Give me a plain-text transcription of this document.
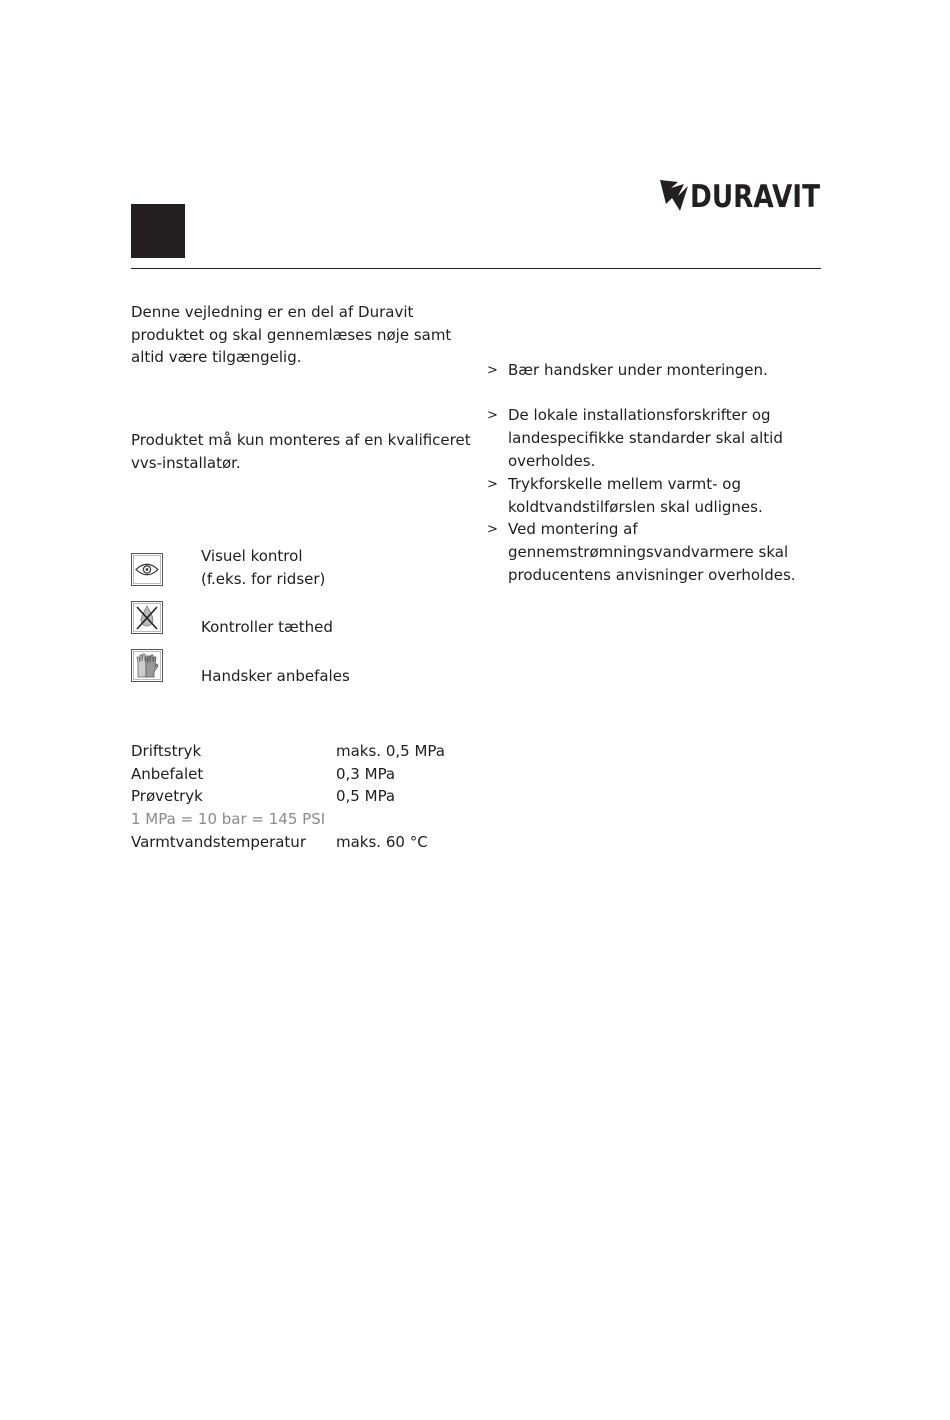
DURAVIT
Denne vejledning er en del af Duravit
produktet og skal gennemlæses nøje samt
altid være tilgængelig.
Produktet må kun monteres af en kvalificeret
vvs-installatør.
Visuel kontrol
(f.eks. for ridser)
Kontroller tæthed
Handsker anbefales
Driftstryk	maks. 0,5 MPa
Anbefalet	0,3 MPa
Prøvetryk	0,5 MPa
1 MPa = 10 bar = 145 PSI
Varmtvandstemperatur maks. 60 °C
> Bær handsker under monteringen.
> De lokale installationsforskrifter og
landespecifikke standarder skal altid
overholdes.
> Trykforskelle mellem varmt- og
koldtvandstilførslen skal udlignes.
> Ved montering af
gennemstrømningsvandvarmere skal
producentens anvisninger overholdes.
